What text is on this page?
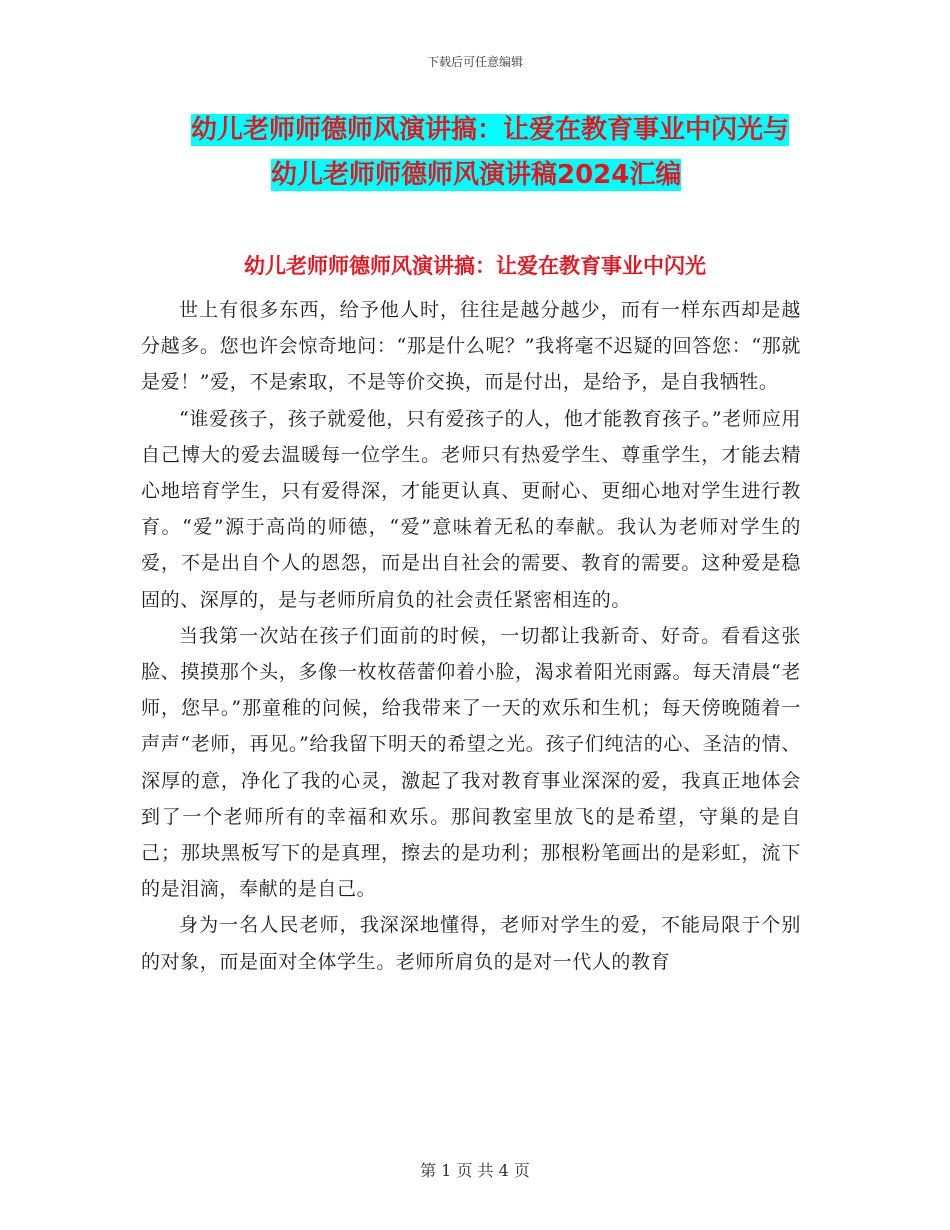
下载后可任意编辑
幼儿老师师德师风演讲搞：让爱在教育事业中闪光与
幼儿老师师德师风演讲稿2024汇编
幼儿老师师德师风演讲搞：让爱在教育事业中闪光

世上有很多东西，给予他人时，往往是越分越少，而有一样东西却是越分越多。您也许会惊奇地问：“那是什么呢？”我将毫不迟疑的回答您：“那就是爱！”爱，不是索取，不是等价交换，而是付出，是给予，是自我牺牲。

“谁爱孩子，孩子就爱他，只有爱孩子的人，他才能教育孩子。”老师应用自己博大的爱去温暖每一位学生。老师只有热爱学生、尊重学生，才能去精心地培育学生，只有爱得深，才能更认真、更耐心、更细心地对学生进行教育。“爱”源于高尚的师德，“爱”意味着无私的奉献。我认为老师对学生的爱，不是出自个人的恩怨，而是出自社会的需要、教育的需要。这种爱是稳固的、深厚的，是与老师所肩负的社会责任紧密相连的。

当我第一次站在孩子们面前的时候，一切都让我新奇、好奇。看看这张脸、摸摸那个头，多像一枚枚蓓蕾仰着小脸，渴求着阳光雨露。每天清晨“老师，您早。”那童稚的问候，给我带来了一天的欢乐和生机；每天傍晚随着一声声“老师，再见。”给我留下明天的希望之光。孩子们纯洁的心、圣洁的情、深厚的意，净化了我的心灵，激起了我对教育事业深深的爱，我真正地体会到了一个老师所有的幸福和欢乐。那间教室里放飞的是希望，守巢的是自己；那块黑板写下的是真理，擦去的是功利；那根粉笔画出的是彩虹，流下的是泪滴，奉献的是自己。

身为一名人民老师，我深深地懂得，老师对学生的爱，不能局限于个别的对象，而是面对全体学生。老师所肩负的是对一代人的教育

第 1 页 共 4 页
